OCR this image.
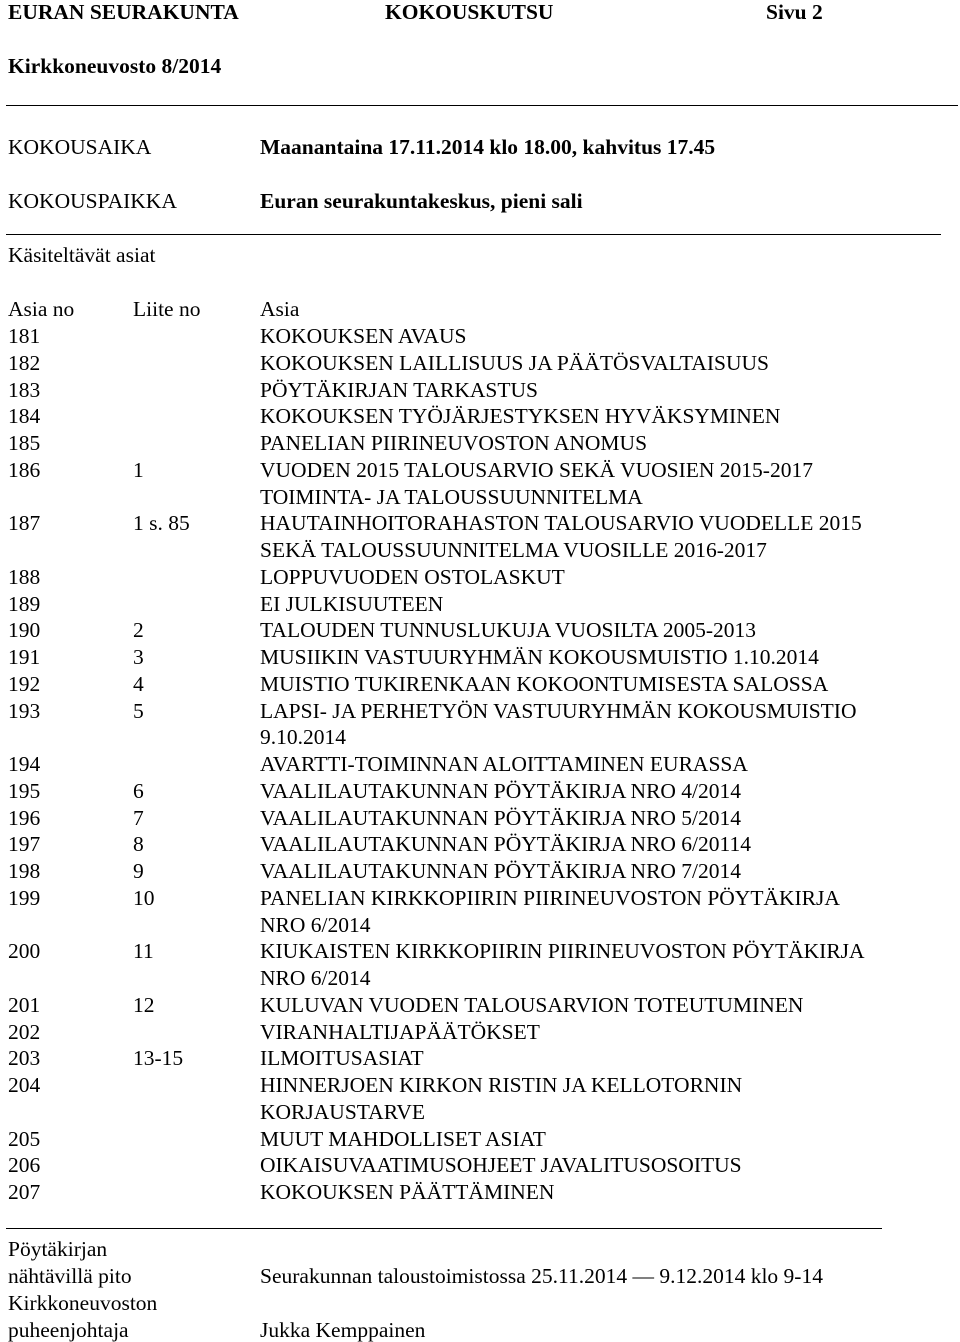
EURAN SEURAKUNTA	KOKOUSKUTSU	Sivu 2
Kirkkoneuvosto 8/2014
KOKOUSAIKA	Maanantaina 17.11.2014 klo 18.00, kahvitus 17.45
KOKOUSPAIKKA	Euran seurakuntakeskus, pieni sali
Käsiteltävät asiat
Asia no	Liite no	Asia
181	KOKOUKSEN AVAUS
182	KOKOUKSEN LAILLISUUS JA PÄÄTÖSVALTAISUUS
183	PÖYTÄKIRJAN TARKASTUS
184	KOKOUKSEN TYÖJÄRJESTYKSEN HYVÄKSYMINEN
185	PANELIAN PIIRINEUVOSTON ANOMUS
186	1	VUODEN 2015 TALOUSARVIO SEKÄ VUOSIEN 2015-2017
TOIMINTA- JA TALOUSSUUNNITELMA
187	1 s. 85	HAUTAINHOITORAHASTON TALOUSARVIO VUODELLE 2015
SEKÄ TALOUSSUUNNITELMA VUOSILLE 2016-2017
188	LOPPUVUODEN OSTOLASKUT
189	EI JULKISUUTEEN
190	2	TALOUDEN TUNNUSLUKUJA VUOSILTA 2005-2013
191	3	MUSIIKIN VASTUURYHMÄN KOKOUSMUISTIO 1.10.2014
192	4	MUISTIO TUKIRENKAAN KOKOONTUMISESTA SALOSSA
193	5	LAPSI- JA PERHETYÖN VASTUURYHMÄN KOKOUSMUISTIO
9.10.2014
194	AVARTTI-TOIMINNAN ALOITTAMINEN EURASSA
195	6	VAALILAUTAKUNNAN PÖYTÄKIRJA NRO 4/2014
196	7	VAALILAUTAKUNNAN PÖYTÄKIRJA NRO 5/2014
197	8	VAALILAUTAKUNNAN PÖYTÄKIRJA NRO 6/20114
198	9	VAALILAUTAKUNNAN PÖYTÄKIRJA NRO 7/2014
199	10	PANELIAN KIRKKOPIIRIN PIIRINEUVOSTON PÖYTÄKIRJA
NRO 6/2014
200	11	KIUKAISTEN KIRKKOPIIRIN PIIRINEUVOSTON PÖYTÄKIRJA
NRO 6/2014
201	12	KULUVAN VUODEN TALOUSARVION TOTEUTUMINEN
202	VIRANHALTIJAPÄÄTÖKSET
203	13-15	ILMOITUSASIAT
204	HINNERJOEN KIRKON RISTIN JA KELLOTORNIN
KORJAUSTARVE
205	MUUT MAHDOLLISET ASIAT
206	OIKAISUVAATIMUSOHJEET JAVALITUSOSOITUS
207	KOKOUKSEN PÄÄTTÄMINEN
Pöytäkirjan
nähtävillä pito	Seurakunnan taloustoimistossa 25.11.2014 — 9.12.2014 klo 9-14
Kirkkoneuvoston
puheenjohtaja	Jukka Kemppainen
